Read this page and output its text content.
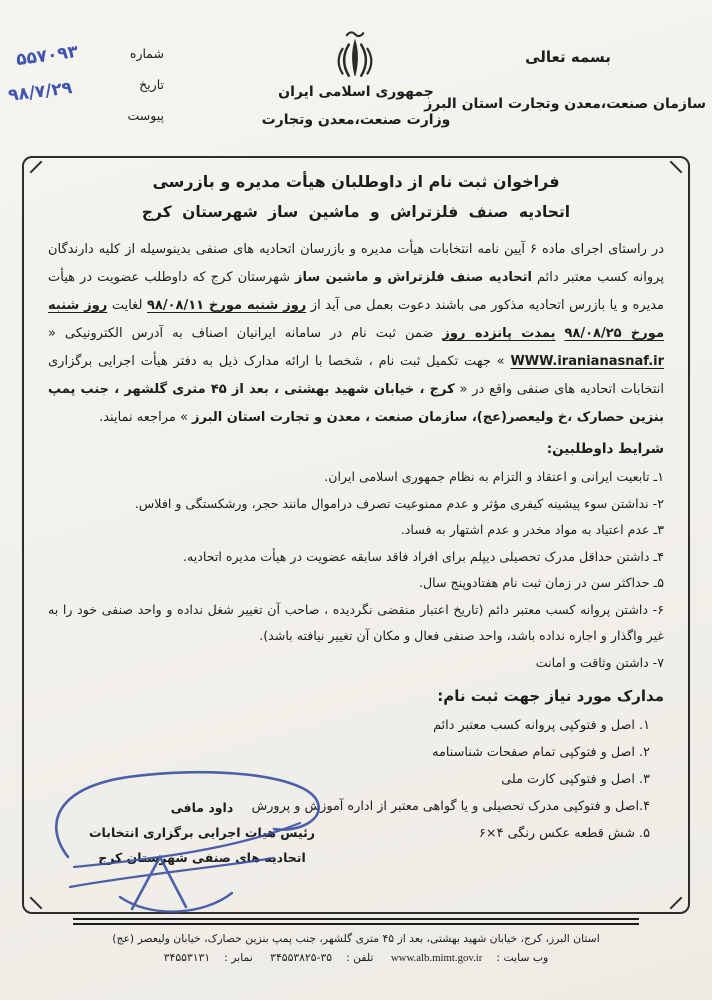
بسمه تعالی
سازمان صنعت،معدن وتجارت استان البرز
جمهوری اسلامی ایران
وزارت صنعت،معدن وتجارت
شماره
تاریخ
پیوست
۵۵۷۰۹۳
۹۸/۷/۲۹
فراخوان ثبت نام از داوطلبان هیأت مدیره و بازرسی
اتحادیه صنف فلزتراش و ماشین ساز شهرستان کرج
در راستای اجرای ماده ۶ آیین نامه انتخابات هیأت مدیره و بازرسان اتحادیه های صنفی بدینوسیله از کلیه دارندگان پروانه کسب معتبر دائم اتحادیه صنف فلزتراش و ماشین ساز شهرستان کرج که داوطلب عضویت در هیأت مدیره و یا بازرس اتحادیه مذکور می باشند دعوت بعمل می آید از روز شنبه مورخ ۹۸/۰۸/۱۱ لغایت روز شنبه مورخ ۹۸/۰۸/۲۵ بمدت پانزده روز ضمن ثبت نام در سامانه ایرانیان اصناف به آدرس الکترونیکی « WWW.iranianasnaf.ir » جهت تکمیل ثبت نام ، شخصا با ارائه مدارک ذیل به دفتر هیأت اجرایی برگزاری انتخابات اتحادیه های صنفی واقع در « کرج ، خیابان شهید بهشتی ، بعد از ۴۵ متری گلشهر ، جنب پمپ بنزین حصارک ،خ ولیعصر(عج)، سازمان صنعت ، معدن و تجارت استان البرز » مراجعه نمایند.
شرایط داوطلبین:
۱ـ تابعیت ایرانی و اعتقاد و التزام به نظام جمهوری اسلامی ایران.
۲- نداشتن سوء پیشینه کیفری مؤثر و عدم ممنوعیت تصرف دراموال مانند حجر، ورشکستگی و افلاس.
۳ـ عدم اعتیاد به مواد مخدر و عدم اشتهار به فساد.
۴ـ داشتن حداقل مدرک تحصیلی دیپلم برای افراد فاقد سابقه عضویت در هیأت مدیره اتحادیه.
۵ـ حداکثر سن در زمان ثبت نام هفتادوپنج سال.
۶- داشتن پروانه کسب معتبر دائم (تاریخ اعتبار منقضی نگردیده ، صاحب آن تغییر شغل نداده و واحد صنفی خود را به غیر واگذار و اجاره نداده باشد، واحد صنفی فعال و مکان آن تغییر نیافته باشد).
۷- داشتن وثاقت و امانت
مدارک مورد نیاز جهت ثبت نام:
۱. اصل و فتوکپی پروانه کسب معتبر دائم
۲. اصل و فتوکپی تمام صفحات شناسنامه
۳. اصل و فتوکپی کارت ملی
۴.اصل و فتوکپی مدرک تحصیلی و یا گواهی معتبر از اداره آموزش و پرورش
۵. شش قطعه عکس رنگی ۴×۶
داود مافی
رئیس هیات اجرایی برگزاری انتخابات
اتحادیه های صنفی شهرستان کرج
استان البرز، کرج، خیابان شهید بهشتی، بعد از ۴۵ متری گلشهر، جنب پمپ بنزین حصارک، خیابان ولیعصر (عج)
وب سایت :www.alb.mimt.gov.ir تلفن :۳۴۵۵۳۸۲۵-۳۵ نمابر :۳۴۵۵۳۱۳۱
